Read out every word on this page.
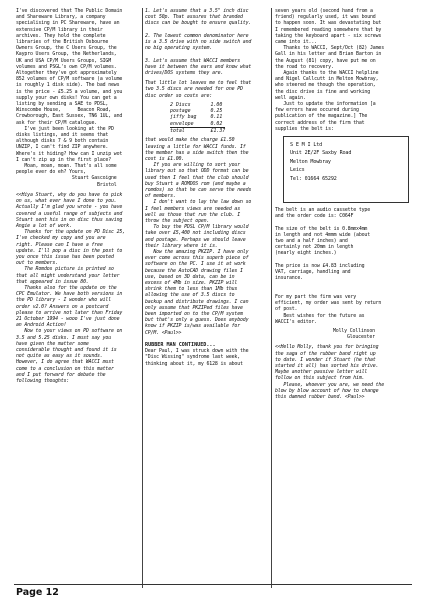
I've discovered that The Public Domain
and Shareware Library, a company
specialising in PC Shareware, have an
extensive CP/M library in their
archives. They hold the complete
libraries of the British Osbourne
Owners Group, the C Users Group, the
Kaypro Users Group, the Netherlands,
UK and USA CP/M Users Groups, SIGM
volumes and PSGL's own CP/M volumes.
Altogether they've got approximately
852 volumes of CP/M software (a volume
is roughly 1 disk side). The bad news
is the price - £5.25 a volume, and you
supply your own disks! You can get a
listing by sending a SAE to PDSL,
Winscombe House,      Beacon Road,
Crowborough, East Sussex, TN6 1UL, and
ask for their CP/M catalogue.
I've just been looking at the PD
disks listings, and it seems that
although disks 7 & 9 both contain
UNZIP, I can't find ZIP anywhere.
Where's it hiding? How can I unzip wot
I can't zip up in the first place?
Moan, moan, moan. That's all some
people ever do eh? Yours,
Stuart Gascoigne
Bristol

<<Hiya Stuart, why do you have to pick
on us, what ever have I done to you.
Actually I'm glad you wrote - you have
covered a useful range of subjects and
Stuart sent his in on disc thus saving
Angie a lot of work.
Thanks for the update on PD Disc 25,
I've checked my copy and you are
right. Please can I have a free
update. I'll pop a disc in the post to
you once this issue has been posted
out to members.
The Romdos picture is printed so
that all might understand your letter
that appeared in issue 80.
Thanks also for the update on the
CPC Emulator. We have both versions in
the PD library - I wonder who will
order v2.0? Answers on a postcard
please to arrive not later than Friday
21 October 1994 - wooo I've just done
an Android Action!
Now to your views on PD software on
3.5 and 5.25 disks. I must say you
have given the matter some
considerable thought and found it is
not quite as easy as it sounds.
However, I do agree that WACCI must
come to a conclusion on this matter
and I put forward for debate the
following thoughts:

1. Let's assume that a 3.5" inch disc
cost 50p. That assures that branded
discs can be bought to ensure quality.

2. The lowest common denominator here
is a 3.5 drive with no side switch and
no big operating system.

3. Let's assume that WACCI members
have it between the ears and know what
drives/DOS systems they are.

That little lot leaves me to feel that
two 3.5 discs are needed for one PD
disc order so costs are:

2 Discs	1.00
postage	0.25
jiffy bag	0.11
envelope	0.02
total	£1.37

that would make the charge £1.50
leaving a little for WACCI funds. If
the member has a side switch then the
cost is £1.00.
If you are willing to sort your
library out so that ODD format can be
used then I feel that the club should
buy Stuart a ROMDOS rom (and maybe a
romdos) so that he can serve the needs
of members.
I don't want to lay the law down so
I feel members views are needed as
well as those that run the club. I
throw the subject open.
To buy the PDSL CP/M library would
take over £5,400 not including discs
and postage. Perhaps we should leave
their library where it is.
Now the amazing PKZIP. I have only
ever come across this superb piece of
software on the PC. I use it at work
because the AutoCAD drawing files I
use, based on 3D data, can be in
excess of 4Mb in size. PKZIP will
shrink them to less than 1Mb thus
allowing the use of 3.5 discs to
backup and distribute drawings. I can
only assume that PKZIPed files have
been imported on to the CP/M system
but that's only a guess. Does anybody
know if PKZIP is/was available for
CP/M. <Paul>>

RUBBER MAN CONTINUED...

Dear Paul, I was struck down with the
"Disc Wissing" syndrome last week,
thinking about it, my 6128 is about

seven years old (second hand from a
friend) regularly used, it was bound
to happen soon. It was devastating but
I remembered reading somewhere that by
taking the keyboard apart - six screws
came into it...
Thanks to WACCI, Sept/Oct (82) James
Gall in his letter and Brian Barton in
the August (81) copy, have put me on
the road to recovery.
Again thanks to the WACCI helpline
and Nigel Callcutt in Melton Mowbray,
who steered me though the operation,
the disc drive is fine and working
well again.
Just to update the information [a
few errors have occured during
publication of the magazine.] The
correct address of the firm that
supplies the belt is:

S E M I Ltd
Unit 2E/2F Saxby Road
Melton Mowbray
Leics
Tel: 01664 65292

The belt is an audio cassette type
and the order code is: C064F

The size of the belt is 0.8mmx4mm
in length and not 4mmm wide (about
two and a half inches) and
certainly not 20mm in length
(nearly eight inches.)

The price is now £4.83 including
VAT, carriage, handling and
insurance.

For my part the firm was very
efficient, my order was sent by return
of post.
Best wishes for the future as
WACCI's editor.

Molly Collinson
Gloucester

<<Hello Molly, thank you for bringing
the saga of the rubber band right up
to date. I wonder if Stuart (he that
started it all) has sorted his drive.
Maybe another passive letter will
follow on this subject from him.
Please, whoever you are, we need the
blow by blow account of how to change
this damned rubber band. <Paul>>

Page 12
